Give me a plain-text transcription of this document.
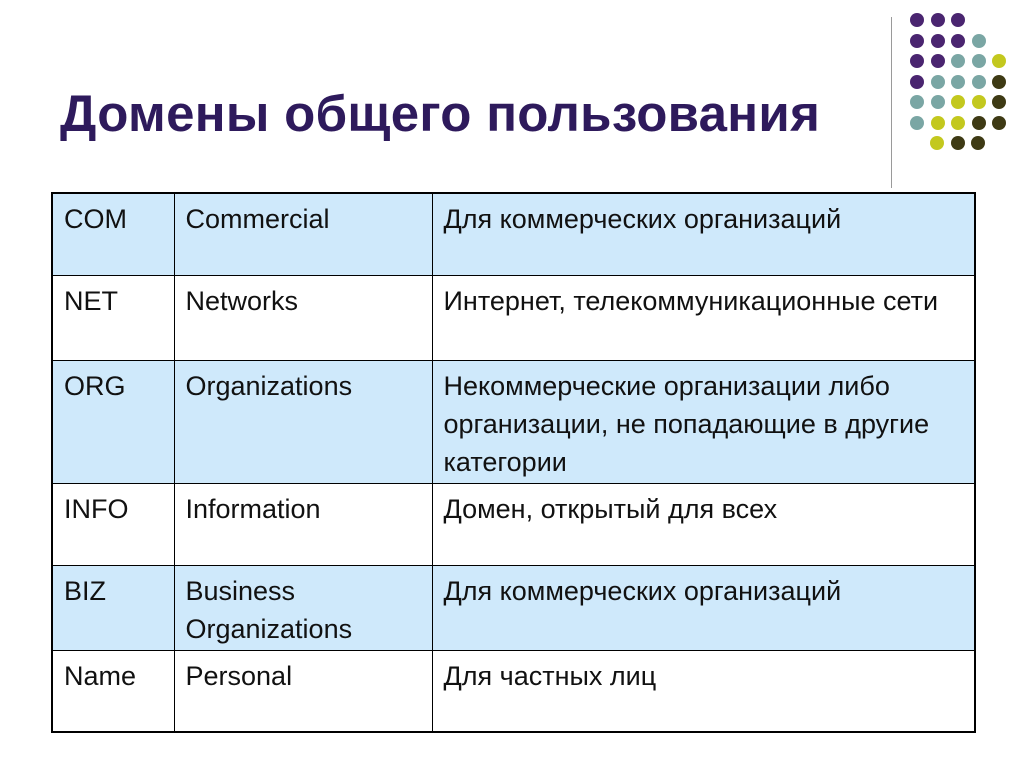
Домены общего пользования
COM	Commercial	Для коммерческих организаций
NET	Networks	Интернет, телекоммуникационные сети
ORG	Organizations	Некоммерческие организации либо организации, не попадающие в другие категории
INFO	Information	Домен, открытый для всех
BIZ	Business Organizations	Для коммерческих организаций
Name	Personal	Для частных лиц
